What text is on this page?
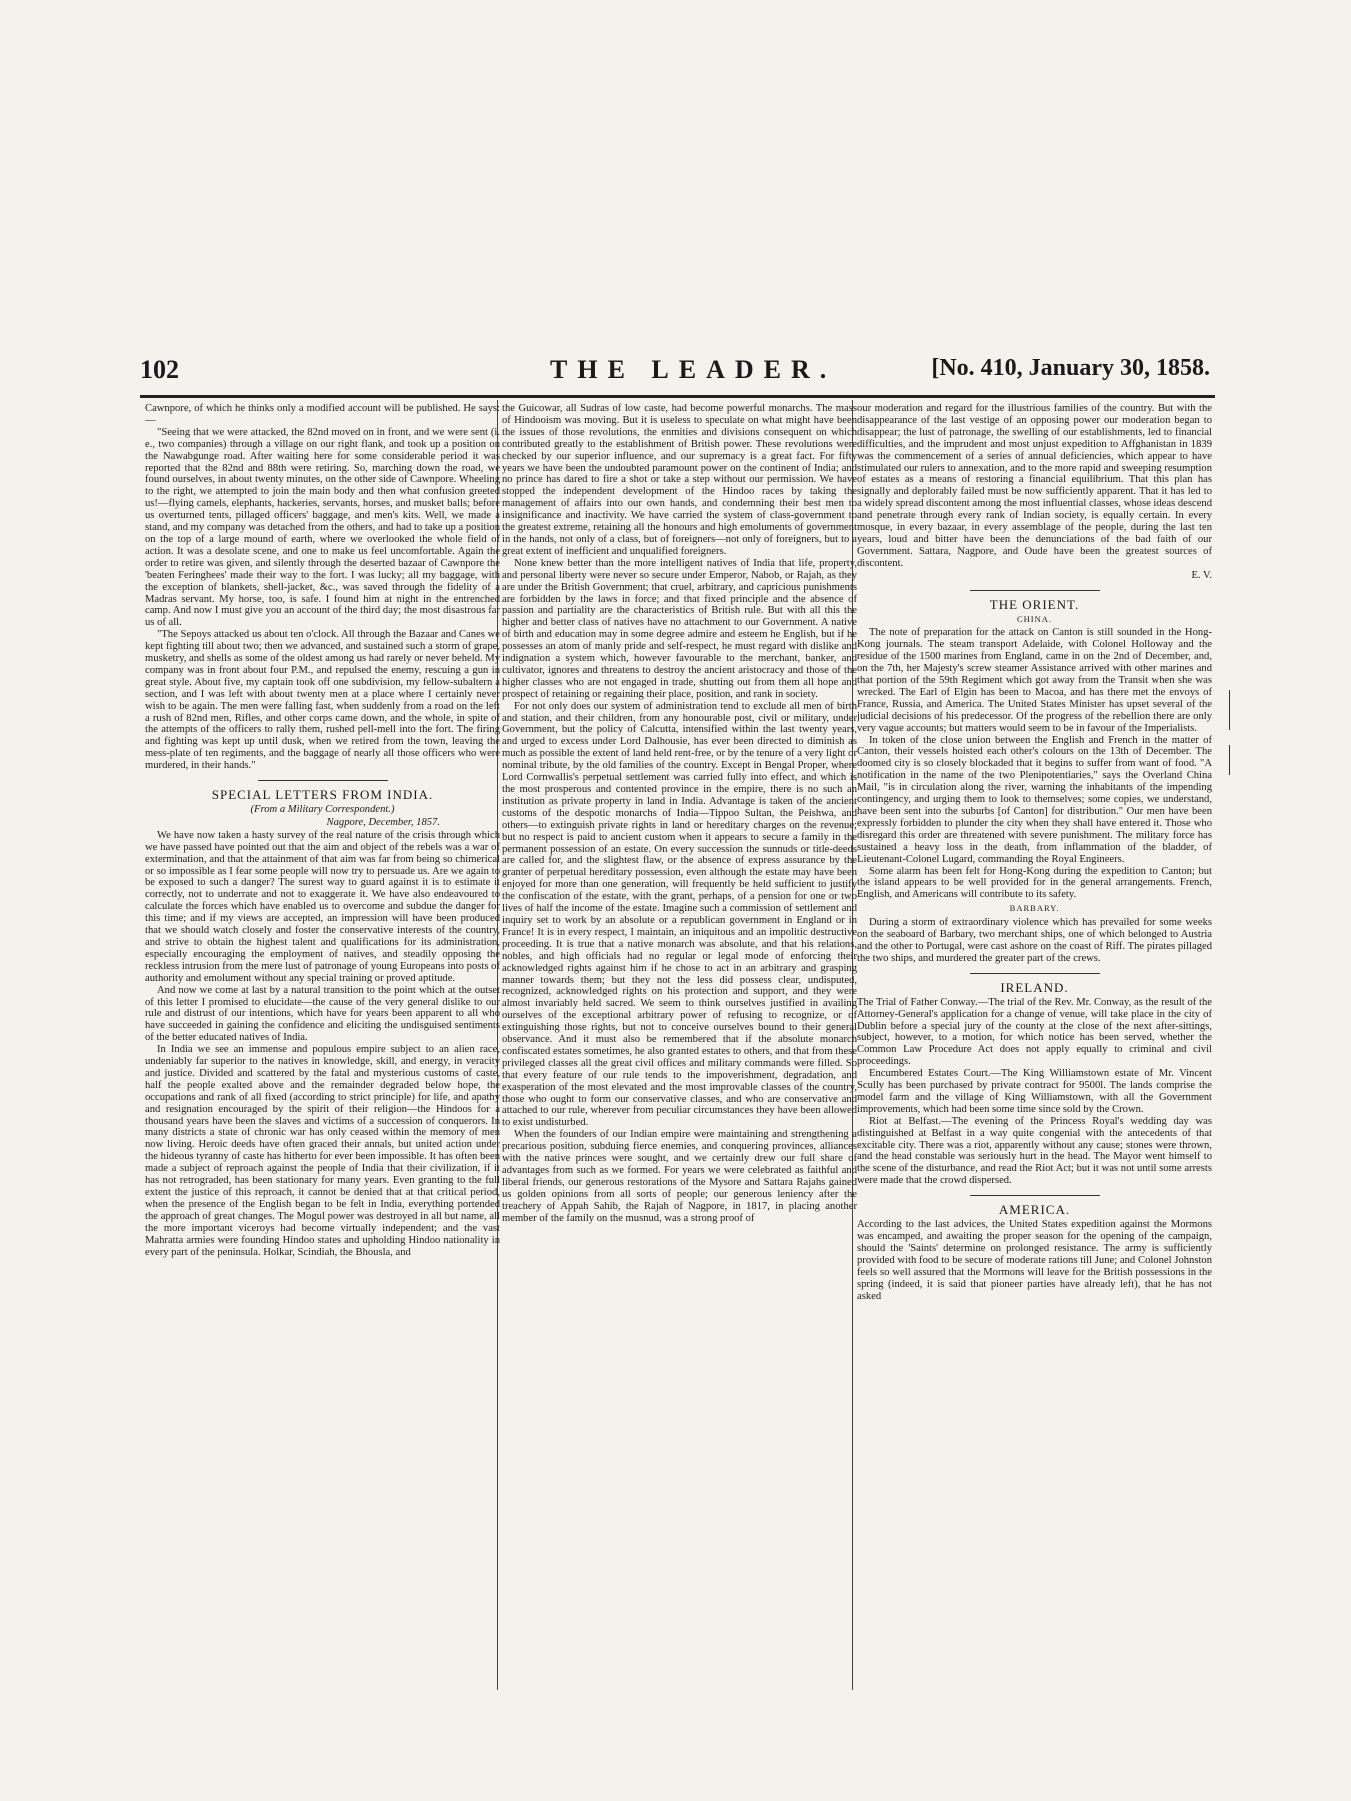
102	THE LEADER.	[No. 410, January 30, 1858.

Cawnpore, of which he thinks only a modified account will be published. He says:—

"Seeing that we were attacked, the 82nd moved on in front, and we were sent (i. e., two companies) through a village on our right flank, and took up a position on the Nawabgunge road. After waiting here for some considerable period it was reported that the 82nd and 88th were retiring. So, marching down the road, we found ourselves, in about twenty minutes, on the other side of Cawnpore. Wheeling to the right, we attempted to join the main body and then what confusion greeted us!—flying camels, elephants, hackeries, servants, horses, and musket balls; before us overturned tents, pillaged officers' baggage, and men's kits. Well, we made a stand, and my company was detached from the others, and had to take up a position on the top of a large mound of earth, where we overlooked the whole field of action. It was a desolate scene, and one to make us feel uncomfortable. Again the order to retire was given, and silently through the deserted bazaar of Cawnpore the 'beaten Feringhees' made their way to the fort. I was lucky; all my baggage, with the exception of blankets, shell-jacket, &c., was saved through the fidelity of a Madras servant. My horse, too, is safe. I found him at night in the entrenched camp. And now I must give you an account of the third day; the most disastrous far us of all.

"The Sepoys attacked us about ten o'clock. All through the Bazaar and Canes we kept fighting till about two; then we advanced, and sustained such a storm of grape, musketry, and shells as some of the oldest among us had rarely or never beheld. My company was in front about four P.M., and repulsed the enemy, rescuing a gun in great style. About five, my captain took off one subdivision, my fellow-subaltern a section, and I was left with about twenty men at a place where I certainly never wish to be again. The men were falling fast, when suddenly from a road on the left a rush of 82nd men, Rifles, and other corps came down, and the whole, in spite of the attempts of the officers to rally them, rushed pell-mell into the fort. The firing and fighting was kept up until dusk, when we retired from the town, leaving the mess-plate of ten regiments, and the baggage of nearly all those officers who were murdered, in their hands."

SPECIAL LETTERS FROM INDIA.
(From a Military Correspondent.)
Nagpore, December, 1857.

We have now taken a hasty survey of the real nature of the crisis through which we have passed have pointed out that the aim and object of the rebels was a war of extermination, and that the attainment of that aim was far from being so chimerical or so impossible as I fear some people will now try to persuade us. Are we again to be exposed to such a danger? The surest way to guard against it is to estimate it correctly, not to underrate and not to exaggerate it. We have also endeavoured to calculate the forces which have enabled us to overcome and subdue the danger for this time; and if my views are accepted, an impression will have been produced that we should watch closely and foster the conservative interests of the country, and strive to obtain the highest talent and qualifications for its administration, especially encouraging the employment of natives, and steadily opposing the reckless intrusion from the mere lust of patronage of young Europeans into posts of authority and emolument without any special training or proved aptitude.

And now we come at last by a natural transition to the point which at the outset of this letter I promised to elucidate—the cause of the very general dislike to our rule and distrust of our intentions, which have for years been apparent to all who have succeeded in gaining the confidence and eliciting the undisguised sentiments of the better educated natives of India.

In India we see an immense and populous empire subject to an alien race, undeniably far superior to the natives in knowledge, skill, and energy, in veracity and justice. Divided and scattered by the fatal and mysterious customs of caste, half the people exalted above and the remainder degraded below hope, the occupations and rank of all fixed (according to strict principle) for life, and apathy and resignation encouraged by the spirit of their religion—the Hindoos for a thousand years have been the slaves and victims of a succession of conquerors. In many districts a state of chronic war has only ceased within the memory of men now living. Heroic deeds have often graced their annals, but united action under the hideous tyranny of caste has hitherto for ever been impossible. It has often been made a subject of reproach against the people of India that their civilization, if it has not retrograded, has been stationary for many years. Even granting to the full extent the justice of this reproach, it cannot be denied that at that critical period, when the presence of the English began to be felt in India, everything portended the approach of great changes. The Mogul power was destroyed in all but name, all the more important viceroys had become virtually independent; and the vast Mahratta armies were founding Hindoo states and upholding Hindoo nationality in every part of the peninsula. Holkar, Scindiah, the Bhousla, and

the Guicowar, all Sudras of low caste, had become powerful monarchs. The mass of Hindooism was moving. But it is useless to speculate on what might have been the issues of those revolutions, the enmities and divisions consequent on which contributed greatly to the establishment of British power. These revolutions were checked by our superior influence, and our supremacy is a great fact. For fifty years we have been the undoubted paramount power on the continent of India; and no prince has dared to fire a shot or take a step without our permission. We have stopped the independent development of the Hindoo races by taking the management of affairs into our own hands, and condemning their best men to insignificance and inactivity. We have carried the system of class-government to the greatest extreme, retaining all the honours and high emoluments of government in the hands, not only of a class, but of foreigners—not only of foreigners, but to a great extent of inefficient and unqualified foreigners.

None knew better than the more intelligent natives of India that life, property, and personal liberty were never so secure under Emperor, Nabob, or Rajah, as they are under the British Government; that cruel, arbitrary, and capricious punishments are forbidden by the laws in force; and that fixed principle and the absence of passion and partiality are the characteristics of British rule. But with all this the higher and better class of natives have no attachment to our Government. A native of birth and education may in some degree admire and esteem he English, but if he possesses an atom of manly pride and self-respect, he must regard with dislike and indignation a system which, however favourable to the merchant, banker, and cultivator, ignores and threatens to destroy the ancient aristocracy and those of the higher classes who are not engaged in trade, shutting out from them all hope and prospect of retaining or regaining their place, position, and rank in society.

For not only does our system of administration tend to exclude all men of birth and station, and their children, from any honourable post, civil or military, under Government, but the policy of Calcutta, intensified within the last twenty years, and urged to excess under Lord Dalhousie, has ever been directed to diminish as much as possible the extent of land held rent-free, or by the tenure of a very light or nominal tribute, by the old families of the country. Except in Bengal Proper, where Lord Cornwallis's perpetual settlement was carried fully into effect, and which is the most prosperous and contented province in the empire, there is no such an institution as private property in land in India. Advantage is taken of the ancient customs of the despotic monarchs of India—Tippoo Sultan, the Peishwa, and others—to extinguish private rights in land or hereditary charges on the revenue; but no respect is paid to ancient custom when it appears to secure a family in the permanent possession of an estate. On every succession the sunnuds or title-deeds are called for, and the slightest flaw, or the absence of express assurance by the granter of perpetual hereditary possession, even although the estate may have been enjoyed for more than one generation, will frequently be held sufficient to justify the confiscation of the estate, with the grant, perhaps, of a pension for one or two lives of half the income of the estate. Imagine such a commission of settlement and inquiry set to work by an absolute or a republican government in England or in France! It is in every respect, I maintain, an iniquitous and an impolitic destructive proceeding. It is true that a native monarch was absolute, and that his relations, nobles, and high officials had no regular or legal mode of enforcing their acknowledged rights against him if he chose to act in an arbitrary and grasping manner towards them; but they not the less did possess clear, undisputed, recognized, acknowledged rights on his protection and support, and they were almost invariably held sacred. We seem to think ourselves justified in availing ourselves of the exceptional arbitrary power of refusing to recognize, or of extinguishing those rights, but not to conceive ourselves bound to their general observance. And it must also be remembered that if the absolute monarch confiscated estates sometimes, he also granted estates to others, and that from these privileged classes all the great civil offices and military commands were filled. So that every feature of our rule tends to the impoverishment, degradation, and exasperation of the most elevated and the most improvable classes of the country, those who ought to form our conservative classes, and who are conservative and attached to our rule, wherever from peculiar circumstances they have been allowed to exist undisturbed.

When the founders of our Indian empire were maintaining and strengthening a precarious position, subduing fierce enemies, and conquering provinces, alliances with the native princes were sought, and we certainly drew our full share of advantages from such as we formed. For years we were celebrated as faithful and liberal friends, our generous restorations of the Mysore and Sattara Rajahs gained us golden opinions from all sorts of people; our generous leniency after the treachery of Appah Sahib, the Rajah of Nagpore, in 1817, in placing another member of the family on the musnud, was a strong proof of

our moderation and regard for the illustrious families of the country. But with the disappearance of the last vestige of an opposing power our moderation began to disappear; the lust of patronage, the swelling of our establishments, led to financial difficulties, and the imprudent and most unjust expedition to Affghanistan in 1839 was the commencement of a series of annual deficiencies, which appear to have stimulated our rulers to annexation, and to the more rapid and sweeping resumption of estates as a means of restoring a financial equilibrium. That this plan has signally and deplorably failed must be now sufficiently apparent. That it has led to a widely spread discontent among the most influential classes, whose ideas descend and penetrate through every rank of Indian society, is equally certain. In every mosque, in every bazaar, in every assemblage of the people, during the last ten years, loud and bitter have been the denunciations of the bad faith of our Government. Sattara, Nagpore, and Oude have been the greatest sources of discontent.

E. V.
THE ORIENT.
CHINA.

The note of preparation for the attack on Canton is still sounded in the Hong-Kong journals. The steam transport Adelaide, with Colonel Holloway and the residue of the 1500 marines from England, came in on the 2nd of December, and, on the 7th, her Majesty's screw steamer Assistance arrived with other marines and that portion of the 59th Regiment which got away from the Transit when she was wrecked. The Earl of Elgin has been to Macoa, and has there met the envoys of France, Russia, and America. The United States Minister has upset several of the judicial decisions of his predecessor. Of the progress of the rebellion there are only very vague accounts; but matters would seem to be in favour of the Imperialists.

In token of the close union between the English and French in the matter of Canton, their vessels hoisted each other's colours on the 13th of December. The doomed city is so closely blockaded that it begins to suffer from want of food. "A notification in the name of the two Plenipotentiaries," says the Overland China Mail, "is in circulation along the river, warning the inhabitants of the impending contingency, and urging them to look to themselves; some copies, we understand, have been sent into the suburbs [of Canton] for distribution." Our men have been expressly forbidden to plunder the city when they shall have entered it. Those who disregard this order are threatened with severe punishment. The military force has sustained a heavy loss in the death, from inflammation of the bladder, of Lieutenant-Colonel Lugard, commanding the Royal Engineers.

Some alarm has been felt for Hong-Kong during the expedition to Canton; but the island appears to be well provided for in the general arrangements. French, English, and Americans will contribute to its safety.

BARBARY.

During a storm of extraordinary violence which has prevailed for some weeks on the seaboard of Barbary, two merchant ships, one of which belonged to Austria and the other to Portugal, were cast ashore on the coast of Riff. The pirates pillaged the two ships, and murdered the greater part of the crews.

IRELAND.

The Trial of Father Conway.—The trial of the Rev. Mr. Conway, as the result of the Attorney-General's application for a change of venue, will take place in the city of Dublin before a special jury of the county at the close of the next after-sittings, subject, however, to a motion, for which notice has been served, whether the Common Law Procedure Act does not apply equally to criminal and civil proceedings.

Encumbered Estates Court.—The King Williamstown estate of Mr. Vincent Scully has been purchased by private contract for 9500l. The lands comprise the model farm and the village of King Williamstown, with all the Government improvements, which had been some time since sold by the Crown.

Riot at Belfast.—The evening of the Princess Royal's wedding day was distinguished at Belfast in a way quite congenial with the antecedents of that excitable city. There was a riot, apparently without any cause; stones were thrown, and the head constable was seriously hurt in the head. The Mayor went himself to the scene of the disturbance, and read the Riot Act; but it was not until some arrests were made that the crowd dispersed.

AMERICA.

According to the last advices, the United States expedition against the Mormons was encamped, and awaiting the proper season for the opening of the campaign, should the 'Saints' determine on prolonged resistance. The army is sufficiently provided with food to be secure of moderate rations till June; and Colonel Johnston feels so well assured that the Mormons will leave for the British possessions in the spring (indeed, it is said that pioneer parties have already left), that he has not asked
